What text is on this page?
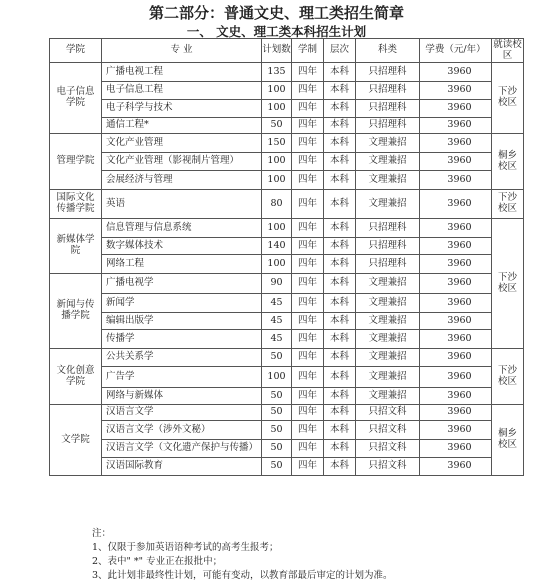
第二部分：普通文史、理工类招生简章
一、 文史、理工类本科招生计划
学院	专 业	计划数	学制	层次	科类	学费（元/年）	就读校区
电子信息学院	广播电视工程	135	四年	本科	只招理科	3960	下沙校区
	电子信息工程	100	四年	本科	只招理科	3960	
	电子科学与技术	100	四年	本科	只招理科	3960	
	通信工程*	50	四年	本科	只招理科	3960	
管理学院	文化产业管理	150	四年	本科	文理兼招	3960	桐乡校区
	文化产业管理（影视制片管理）	100	四年	本科	文理兼招	3960	
	会展经济与管理	100	四年	本科	文理兼招	3960	
国际文化传播学院	英语	80	四年	本科	文理兼招	3960	下沙校区
新媒体学院	信息管理与信息系统	100	四年	本科	只招理科	3960	下沙校区
	数字媒体技术	140	四年	本科	只招理科	3960	
	网络工程	100	四年	本科	只招理科	3960	
新闻与传播学院	广播电视学	90	四年	本科	文理兼招	3960	
	新闻学	45	四年	本科	文理兼招	3960	
	编辑出版学	45	四年	本科	文理兼招	3960	
	传播学	45	四年	本科	文理兼招	3960	
文化创意学院	公共关系学	50	四年	本科	文理兼招	3960	下沙校区
	广告学	100	四年	本科	文理兼招	3960	
	网络与新媒体	50	四年	本科	文理兼招	3960	
文学院	汉语言文学	50	四年	本科	只招文科	3960	桐乡校区
	汉语言文学（涉外文秘）	50	四年	本科	只招文科	3960	
	汉语言文学（文化遗产保护与传播）	50	四年	本科	只招文科	3960	
	汉语国际教育	50	四年	本科	只招文科	3960	
注：
1、仅限于参加英语语种考试的高考生报考；
2、表中" *" 专业正在报批中；
3、此计划非最终性计划，可能有变动，以教育部最后审定的计划为准。
